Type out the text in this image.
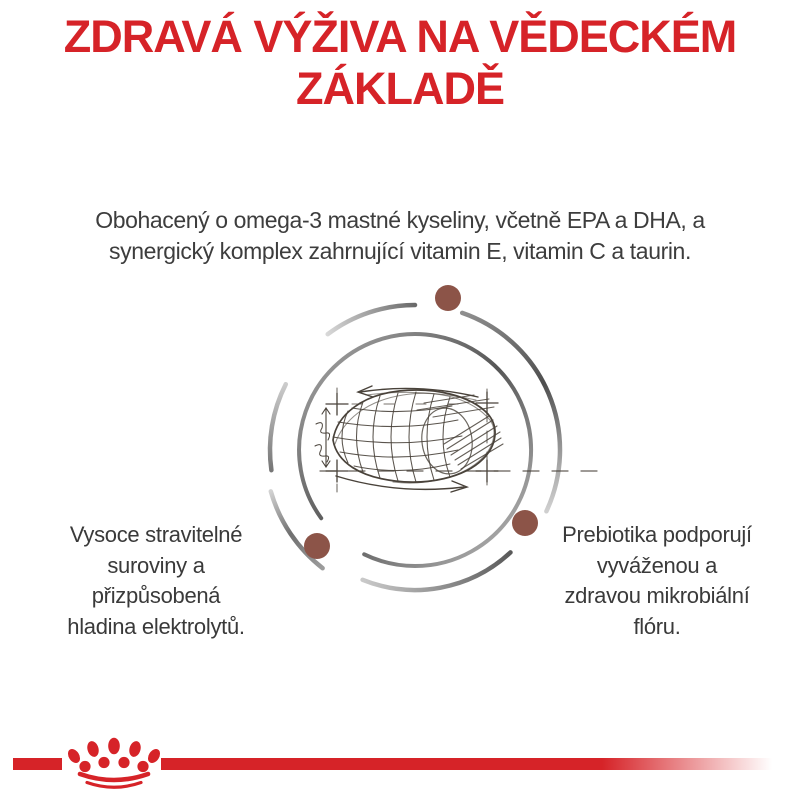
ZDRAVÁ VÝŽIVA NA VĚDECKÉM
ZÁKLADĚ
Obohacený o omega-3 mastné kyseliny, včetně EPA a DHA, a
synergický komplex zahrnující vitamin E, vitamin C a taurin.
Vysoce stravitelné
suroviny a
přizpůsobená
hladina elektrolytů.
Prebiotika podporují
vyváženou a
zdravou mikrobiální
flóru.
